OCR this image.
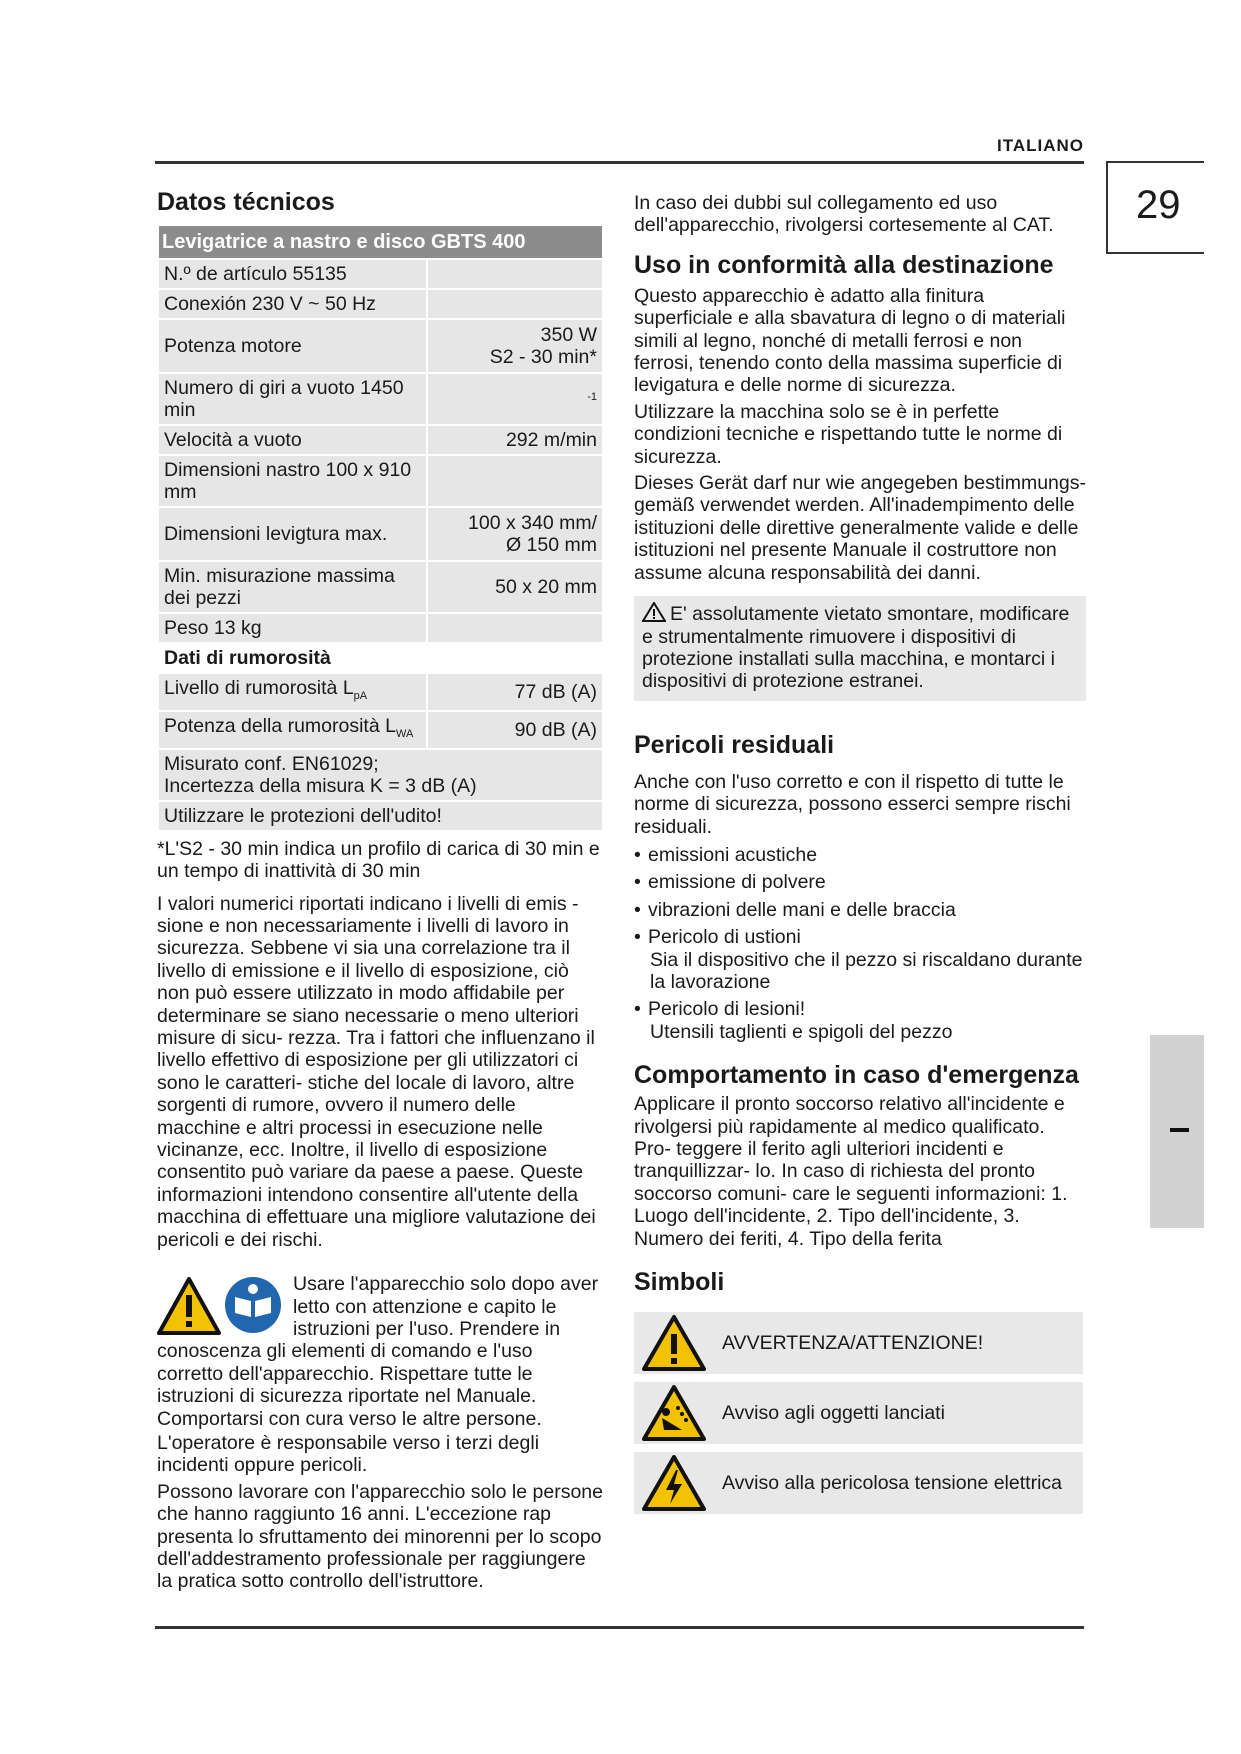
ITALIANO
29
Datos técnicos
Levigatrice a nastro e disco GBTS 400	
N.º de artículo 55135	
Conexión 230 V ~ 50 Hz	
Potenza motore	350 W
S2 - 30 min*

Numero di giri a vuoto 1450 min	$^{-1}$
Velocità a vuoto	292 m/min
Dimensioni nastro 100 x 910 mm	
Dimensioni levigtura max.	100 x 340 mm/
Ø 150 mm

Min. misurazione massima dei pezzi	50 x 20 mm
Peso 13 kg	
Dati di rumorosità	
Livello di rumorosità $L_{pA}$	77 dB (A)
Potenza della rumorosità $L_{WA}$	90 dB (A)

Misurato conf. EN61029;
Incertezza della misura K = 3 dB (A)	

Utilizzare le protezioni dell'udito!	

*L'S2 - 30 min indica un profilo di carica di 30 min e un tempo di inattività di 30 min

I valori numerici riportati indicano i livelli di emis - sione e non necessariamente i livelli di lavoro in sicurezza. Sebbene vi sia una correlazione tra il livello di emissione e il livello di esposizione, ciò non può essere utilizzato in modo affidabile per determinare se siano necessarie o meno ulteriori misure di sicu- rezza. Tra i fattori che influenzano il livello effettivo di esposizione per gli utilizzatori ci sono le caratteri- stiche del locale di lavoro, altre sorgenti di rumore, ovvero il numero delle macchine e altri processi in esecuzione nelle vicinanze, ecc. Inoltre, il livello di esposizione consentito può variare da paese a paese. Queste informazioni intendono consentire all'utente della macchina di effettuare una migliore valutazione dei pericoli e dei rischi.

Usare l'apparecchio solo dopo aver letto con attenzione e capito le istruzioni per l'uso. Prendere in conoscenza gli elementi di comando e l'uso corretto dell'apparecchio. Rispettare tutte le istruzioni di sicurezza riportate nel Manuale. Comportarsi con cura verso le altre persone.

L'operatore è responsabile verso i terzi degli incidenti oppure pericoli.

Possono lavorare con l'apparecchio solo le persone che hanno raggiunto 16 anni. L'eccezione rap presenta lo sfruttamento dei minorenni per lo scopo dell'addestramento professionale per raggiungere la pratica sotto controllo dell'istruttore.

In caso dei dubbi sul collegamento ed uso dell'apparecchio, rivolgersi cortesemente al CAT.

Uso in conformità alla destinazione

Questo apparecchio è adatto alla finitura superficiale e alla sbavatura di legno o di materiali simili al legno, nonché di metalli ferrosi e non ferrosi, tenendo conto della massima superficie di levigatura e delle norme di sicurezza.

Utilizzare la macchina solo se è in perfette condizioni tecniche e rispettando tutte le norme di sicurezza.

Dieses Gerät darf nur wie angegeben bestimmungs-gemäß verwendet werden. All'inadempimento delle istituzioni delle direttive generalmente valide e delle istituzioni nel presente Manuale il costruttore non assume alcuna responsabilità dei danni.

E' assolutamente vietato smontare, modificare e strumentalmente rimuovere i dispositivi di protezione installati sulla macchina, e montarci i dispositivi di protezione estranei.
Pericoli residuali

Anche con l'uso corretto e con il rispetto di tutte le norme di sicurezza, possono esserci sempre rischi residuali.

• emissioni acustiche
• emissione di polvere
• vibrazioni delle mani e delle braccia
• Pericolo di ustioni
Sia il dispositivo che il pezzo si riscaldano durante la lavorazione
• Pericolo di lesioni!
Utensili taglienti e spigoli del pezzo
Comportamento in caso d'emergenza

Applicare il pronto soccorso relativo all'incidente e rivolgersi più rapidamente al medico qualificato. Pro- teggere il ferito agli ulteriori incidenti e tranquillizzar- lo. In caso di richiesta del pronto soccorso comuni- care le seguenti informazioni: 1. Luogo dell'incidente, 2. Tipo dell'incidente, 3. Numero dei feriti, 4. Tipo della ferita

Simboli
AVVERTENZA/ATTENZIONE!
Avviso agli oggetti lanciati
Avviso alla pericolosa tensione elettrica
